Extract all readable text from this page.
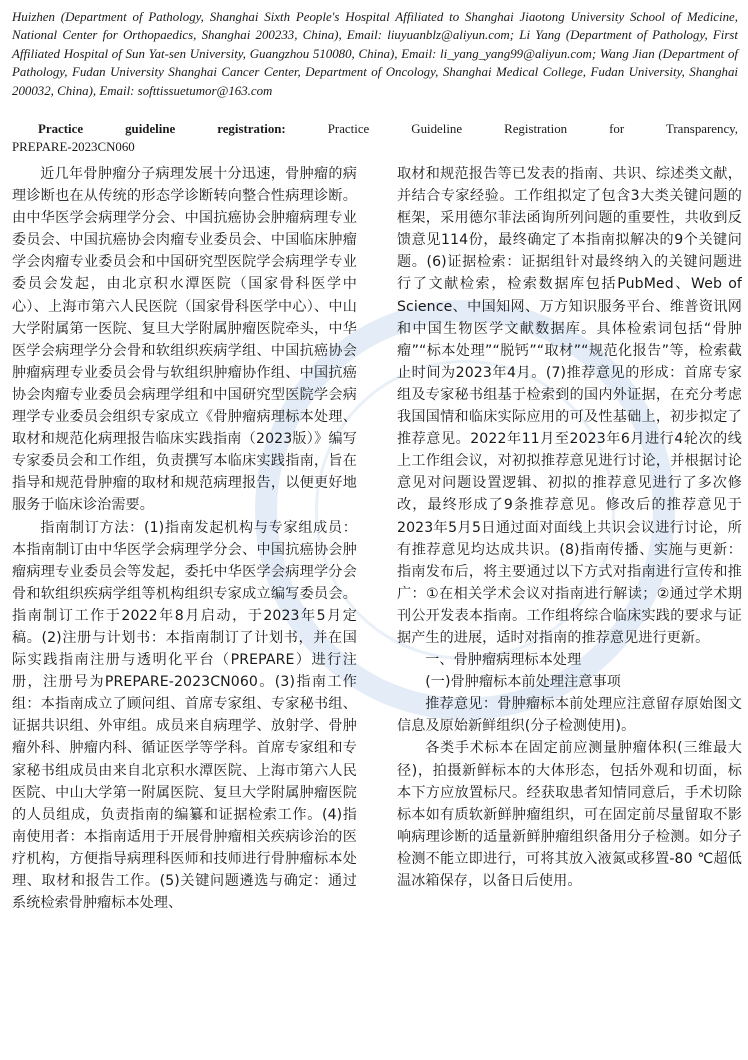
Huizhen (Department of Pathology, Shanghai Sixth People's Hospital Affiliated to Shanghai Jiaotong University School of Medicine, National Center for Orthopaedics, Shanghai 200233, China), Email: liuyuanblz@aliyun.com; Li Yang (Department of Pathology, First Affiliated Hospital of Sun Yat-sen University, Guangzhou 510080, China), Email: li_yang_yang99@aliyun.com; Wang Jian (Department of Pathology, Fudan University Shanghai Cancer Center, Department of Oncology, Shanghai Medical College, Fudan University, Shanghai 200032, China), Email: softtissuetumor@163.com
Practice guideline registration:	Practice Guideline Registration for Transparency,
PREPARE-2023CN060

近几年骨肿瘤分子病理发展十分迅速，骨肿瘤的病理诊断也在从传统的形态学诊断转向整合性病理诊断。由中华医学会病理学分会、中国抗癌协会肿瘤病理专业委员会、中国抗癌协会肉瘤专业委员会、中国临床肿瘤学会肉瘤专业委员会和中国研究型医院学会病理学专业委员会发起，由北京积水潭医院（国家骨科医学中心）、上海市第六人民医院（国家骨科医学中心）、中山大学附属第一医院、复旦大学附属肿瘤医院牵头，中华医学会病理学分会骨和软组织疾病学组、中国抗癌协会肿瘤病理专业委员会骨与软组织肿瘤协作组、中国抗癌协会肉瘤专业委员会病理学组和中国研究型医院学会病理学专业委员会组织专家成立《骨肿瘤病理标本处理、取材和规范化病理报告临床实践指南（2023版）》编写专家委员会和工作组，负责撰写本临床实践指南，旨在指导和规范骨肿瘤的取材和规范病理报告，以便更好地服务于临床诊治需要。

指南制订方法：(1)指南发起机构与专家组成员：本指南制订由中华医学会病理学分会、中国抗癌协会肿瘤病理专业委员会等发起，委托中华医学会病理学分会骨和软组织疾病学组等机构组织专家成立编写委员会。指南制订工作于2022年8月启动，于2023年5月定稿。(2)注册与计划书：本指南制订了计划书，并在国际实践指南注册与透明化平台（PREPARE）进行注册，注册号为PREPARE-2023CN060。(3)指南工作组：本指南成立了顾问组、首席专家组、专家秘书组、证据共识组、外审组。成员来自病理学、放射学、骨肿瘤外科、肿瘤内科、循证医学等学科。首席专家组和专家秘书组成员由来自北京积水潭医院、上海市第六人民医院、中山大学第一附属医院、复旦大学附属肿瘤医院的人员组成，负责指南的编纂和证据检索工作。(4)指南使用者：本指南适用于开展骨肿瘤相关疾病诊治的医疗机构，方便指导病理科医师和技师进行骨肿瘤标本处理、取材和报告工作。(5)关键问题遴选与确定：通过系统检索骨肿瘤标本处理、

取材和规范报告等已发表的指南、共识、综述类文献，并结合专家经验。工作组拟定了包含3大类关键问题的框架，采用德尔菲法函询所列问题的重要性，共收到反馈意见114份，最终确定了本指南拟解决的9个关键问题。(6)证据检索：证据组针对最终纳入的关键问题进行了文献检索，检索数据库包括PubMed、Web of Science、中国知网、万方知识服务平台、维普资讯网和中国生物医学文献数据库。具体检索词包括“骨肿瘤”“标本处理”“脱钙”“取材”“规范化报告”等，检索截止时间为2023年4月。(7)推荐意见的形成：首席专家组及专家秘书组基于检索到的国内外证据，在充分考虑我国国情和临床实际应用的可及性基础上，初步拟定了推荐意见。2022年11月至2023年6月进行4轮次的线上工作组会议，对初拟推荐意见进行讨论，并根据讨论意见对问题设置逻辑、初拟的推荐意见进行了多次修改，最终形成了9条推荐意见。修改后的推荐意见于2023年5月5日通过面对面线上共识会议进行讨论，所有推荐意见均达成共识。(8)指南传播、实施与更新：指南发布后，将主要通过以下方式对指南进行宣传和推广：①在相关学术会议对指南进行解读；②通过学术期刊公开发表本指南。工作组将综合临床实践的要求与证据产生的进展，适时对指南的推荐意见进行更新。

一、骨肿瘤病理标本处理

(一)骨肿瘤标本前处理注意事项

推荐意见：骨肿瘤标本前处理应注意留存原始图文信息及原始新鲜组织(分子检测使用)。

各类手术标本在固定前应测量肿瘤体积(三维最大径)，拍摄新鲜标本的大体形态，包括外观和切面，标本下方应放置标尺。经获取患者知情同意后，手术切除标本如有质软新鲜肿瘤组织，可在固定前尽量留取不影响病理诊断的适量新鲜肿瘤组织备用分子检测。如分子检测不能立即进行，可将其放入液氮或移置-80 ℃超低温冰箱保存，以备日后使用。
